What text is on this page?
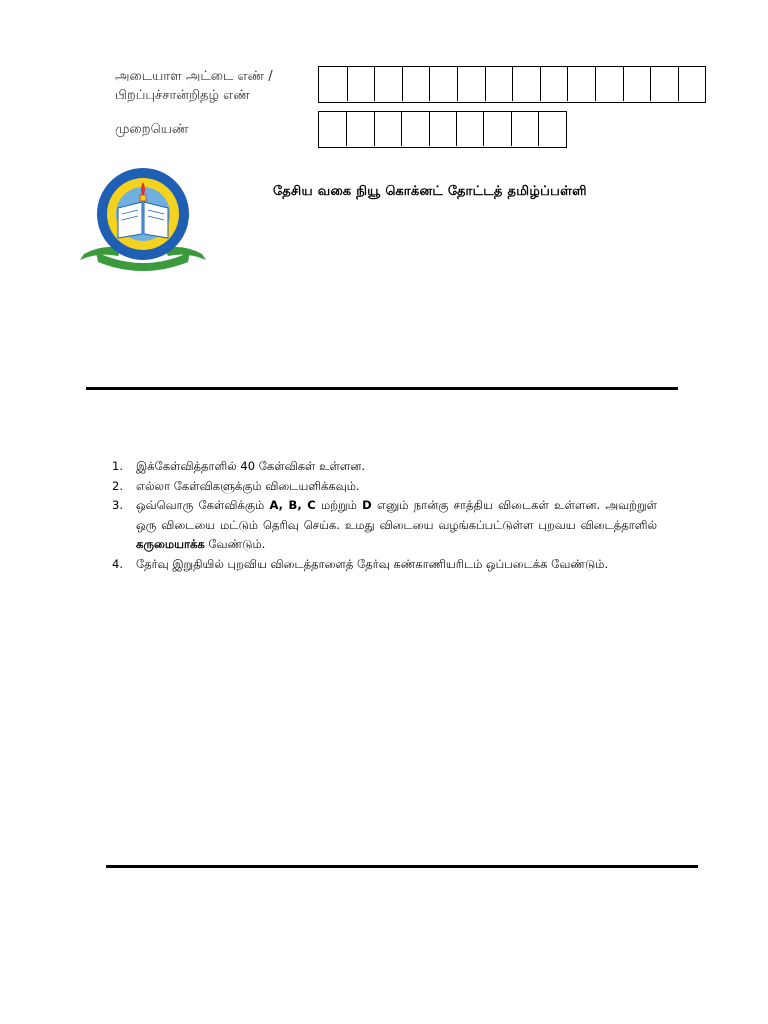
அடையாள அட்டை எண் /
பிறப்புச்சான்றிதழ் எண்
முறையெண்
தேசிய வகை நியூ கொக்னட் தோட்டத் தமிழ்ப்பள்ளி
1.	இக்கேள்வித்தாளில் 40 கேள்விகள் உள்ளன.
2.	எல்லா கேள்விகளுக்கும் விடையளிக்கவும்.
3.	ஒவ்வொரு கேள்விக்கும் A, B, C மற்றும் D எனும் நான்கு சாத்திய விடைகள் உள்ளன. அவற்றுள் ஒரு விடையை மட்டும் தெரிவு செய்க. உமது விடையை வழங்கப்பட்டுள்ள புறவய விடைத்தாளில் கருமையாக்க வேண்டும்.
4.	தேர்வு இறுதியில் புறவிய விடைத்தாளைத் தேர்வு கண்காணியரிடம் ஒப்படைக்க வேண்டும்.
